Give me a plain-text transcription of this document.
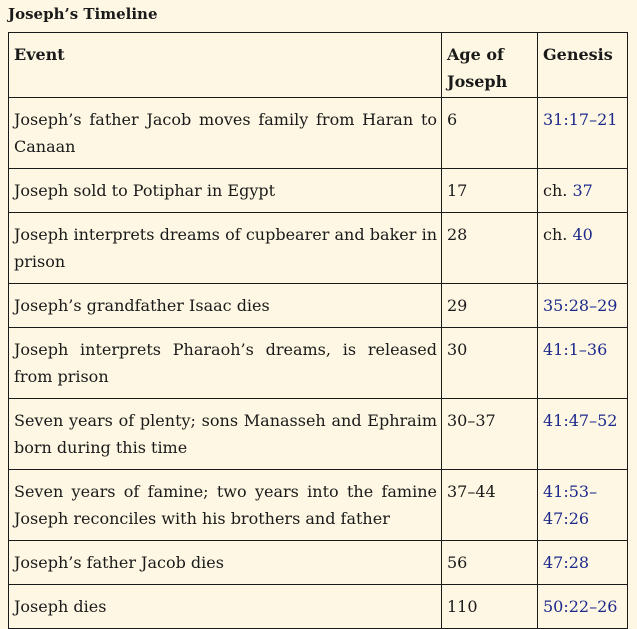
Joseph’s Timeline
Event	Age of Joseph	Genesis
Joseph’s father Jacob moves family from Haran to Canaan	6	31:17–21
Joseph sold to Potiphar in Egypt	17	ch. 37
Joseph interprets dreams of cupbearer and baker in prison	28	ch. 40
Joseph’s grandfather Isaac dies	29	35:28–29
Joseph interprets Pharaoh’s dreams, is released from prison	30	41:1–36
Seven years of plenty; sons Manasseh and Ephraim born during this time	30–37	41:47–52
Seven years of famine; two years into the famine Joseph reconciles with his brothers and father	37–44	41:53–47:26
Joseph’s father Jacob dies	56	47:28
Joseph dies	110	50:22–26
